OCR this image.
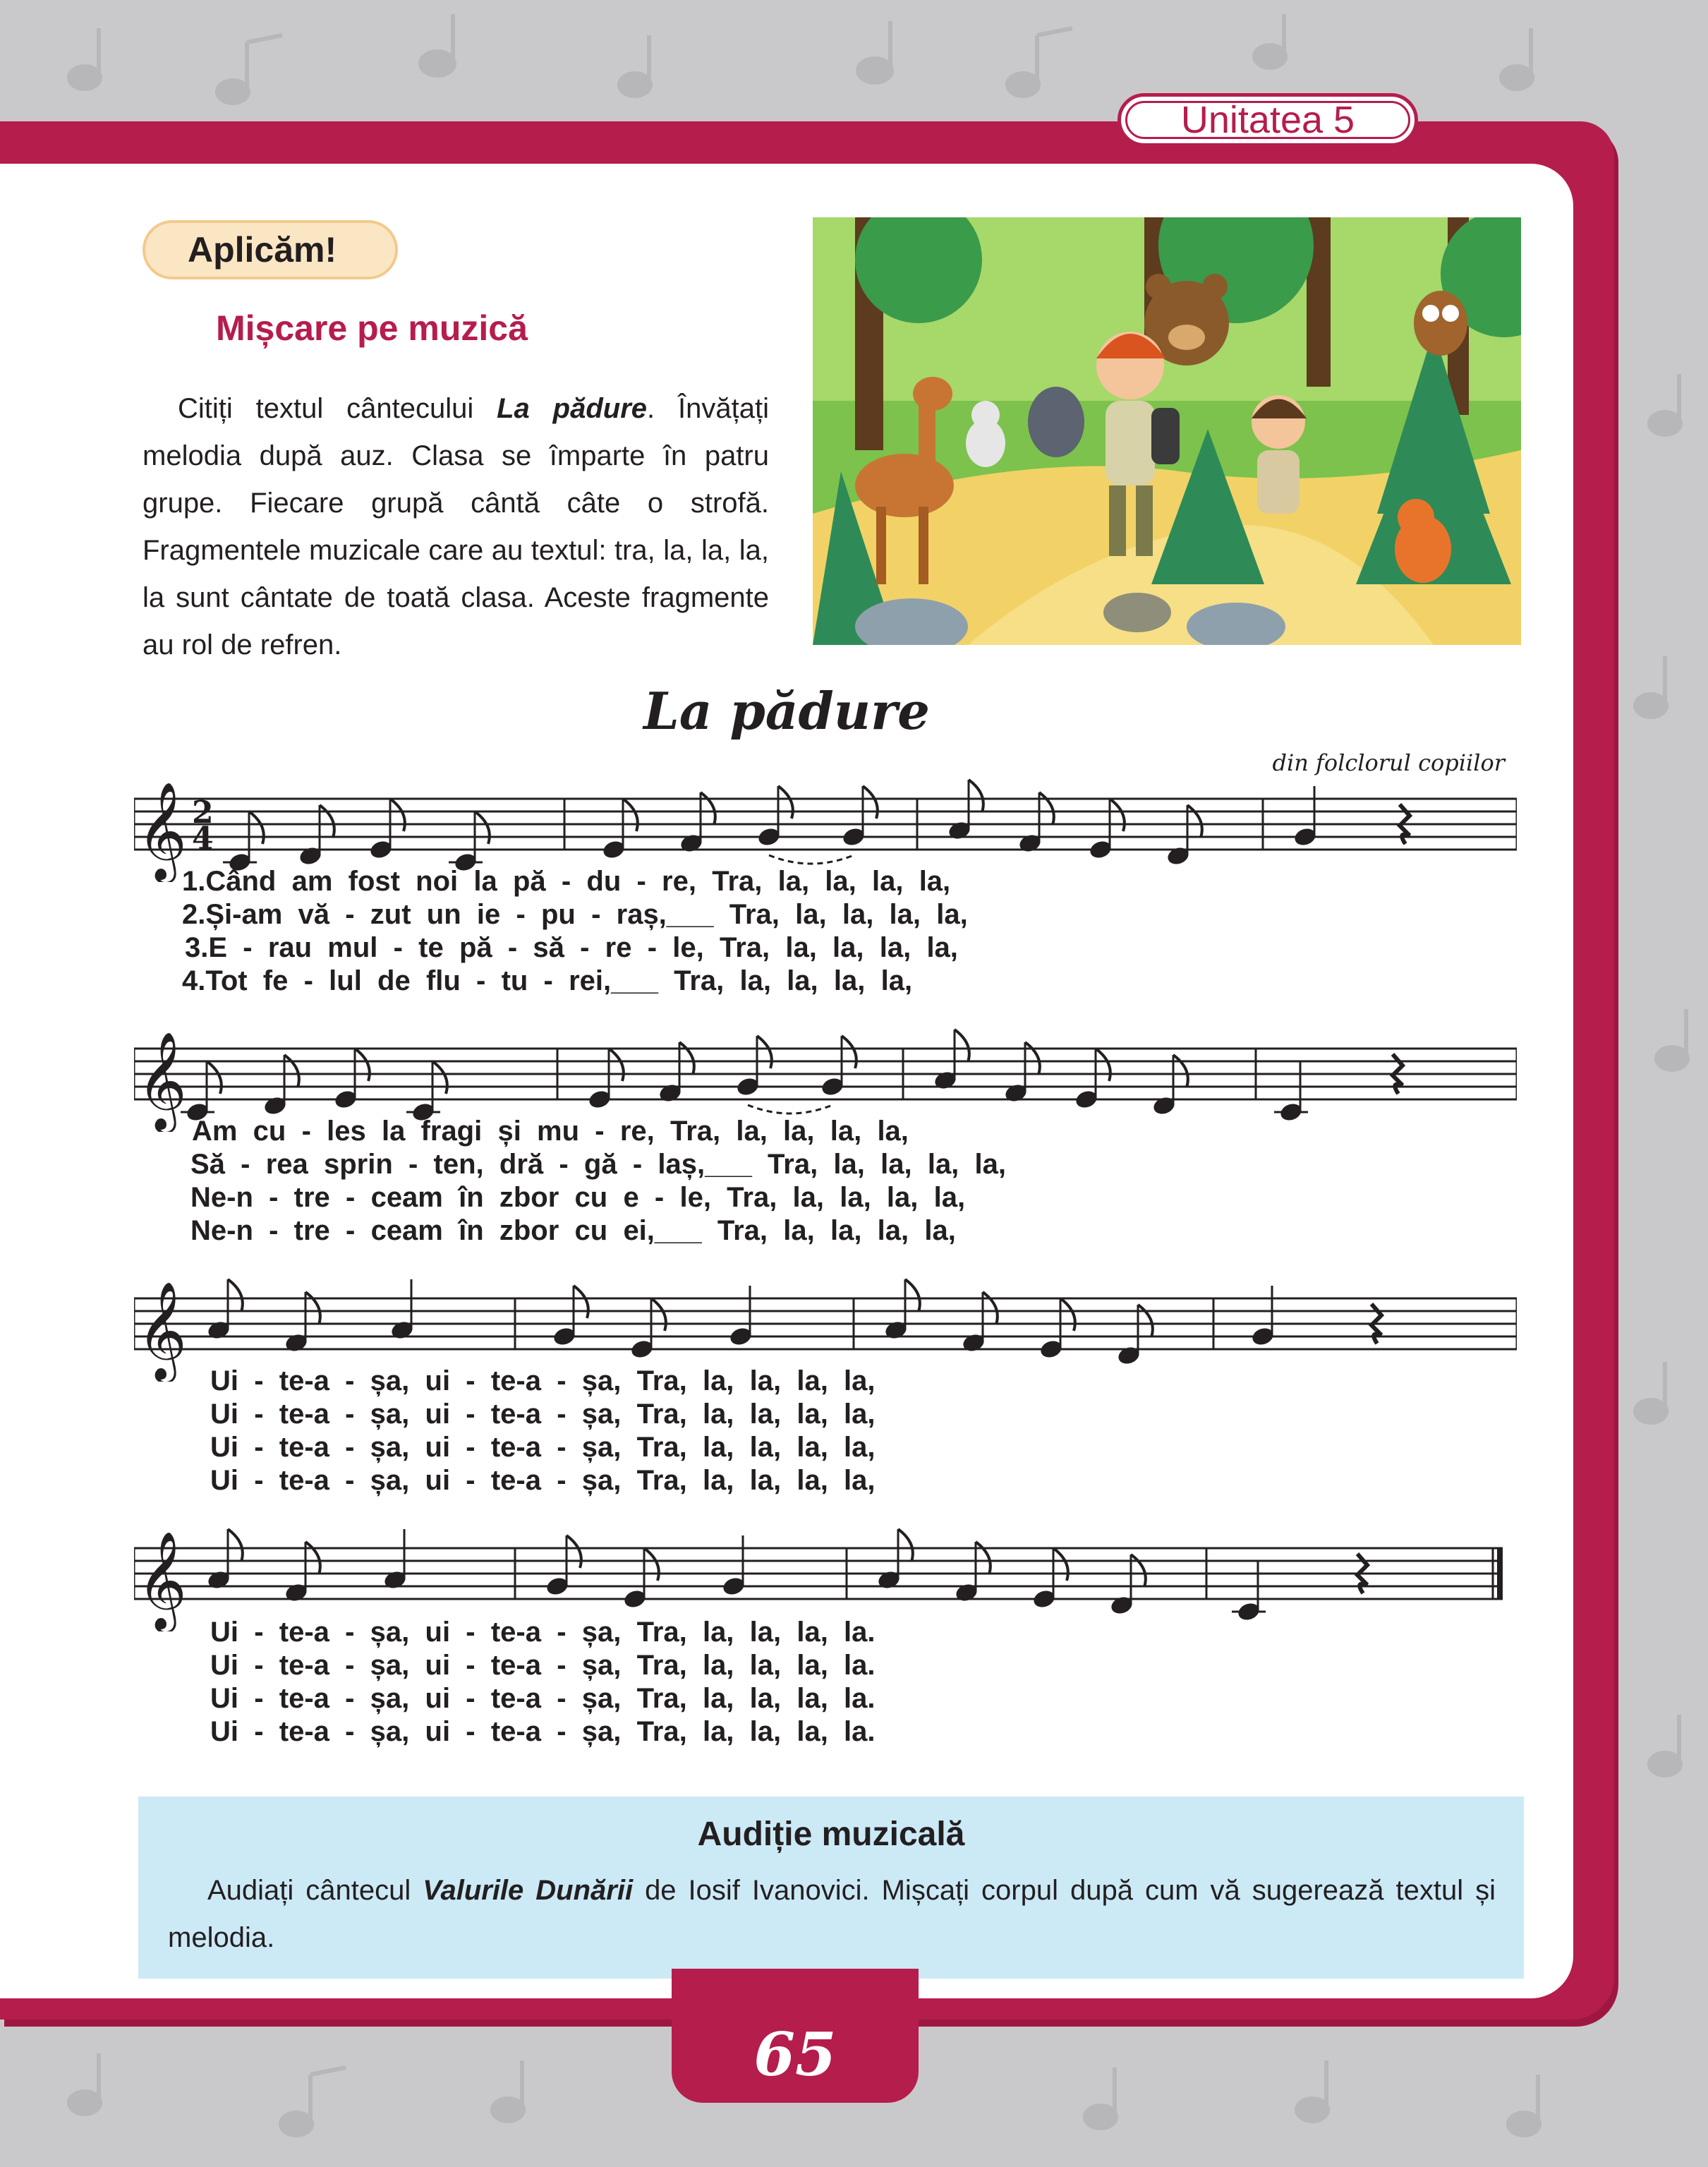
Unitatea 5
Aplicăm!
Mișcare pe muzică

Citiți textul cântecului La pădure. Învățați melodia după auz. Clasa se împarte în patru grupe. Fiecare grupă cântă câte o strofă. Fragmentele muzicale care au textul: tra, la, la, la, la sunt cântate de toată clasa. Aceste fragmente au rol de refren.

La pădure
din folclorul copiilor
𝄞 2
4
𝄞
𝄞
𝄞
1.Când  am  fost  noi  la  pă  -  du  -  re,  Tra,  la,  la,  la,  la,
2.Și-am  vă  -  zut  un  ie  -  pu  -  raș,___  Tra,  la,  la,  la,  la,
3.E  -  rau  mul  -  te  pă  -  să  -  re  -  le,  Tra,  la,  la,  la,  la,
4.Tot  fe  -  lul  de  flu  -  tu  -  rei,___  Tra,  la,  la,  la,  la,
Am  cu  -  les  la  fragi  și  mu  -  re,  Tra,  la,  la,  la,  la,
Să  -  rea  sprin  -  ten,  dră  -  gă  -  laș,___  Tra,  la,  la,  la,  la,
Ne-n  -  tre  -  ceam  în  zbor  cu  e  -  le,  Tra,  la,  la,  la,  la,
Ne-n  -  tre  -  ceam  în  zbor  cu  ei,___  Tra,  la,  la,  la,  la,
Ui  -  te-a  -  șa,  ui  -  te-a  -  șa,  Tra,  la,  la,  la,  la,
Ui  -  te-a  -  șa,  ui  -  te-a  -  șa,  Tra,  la,  la,  la,  la,
Ui  -  te-a  -  șa,  ui  -  te-a  -  șa,  Tra,  la,  la,  la,  la,
Ui  -  te-a  -  șa,  ui  -  te-a  -  șa,  Tra,  la,  la,  la,  la,
Ui  -  te-a  -  șa,  ui  -  te-a  -  șa,  Tra,  la,  la,  la,  la.
Ui  -  te-a  -  șa,  ui  -  te-a  -  șa,  Tra,  la,  la,  la,  la.
Ui  -  te-a  -  șa,  ui  -  te-a  -  șa,  Tra,  la,  la,  la,  la.
Ui  -  te-a  -  șa,  ui  -  te-a  -  șa,  Tra,  la,  la,  la,  la.
Audiție muzicală

Audiați cântecul Valurile Dunării de Iosif Ivanovici. Mișcați corpul după cum vă sugerează textul și melodia.

65
